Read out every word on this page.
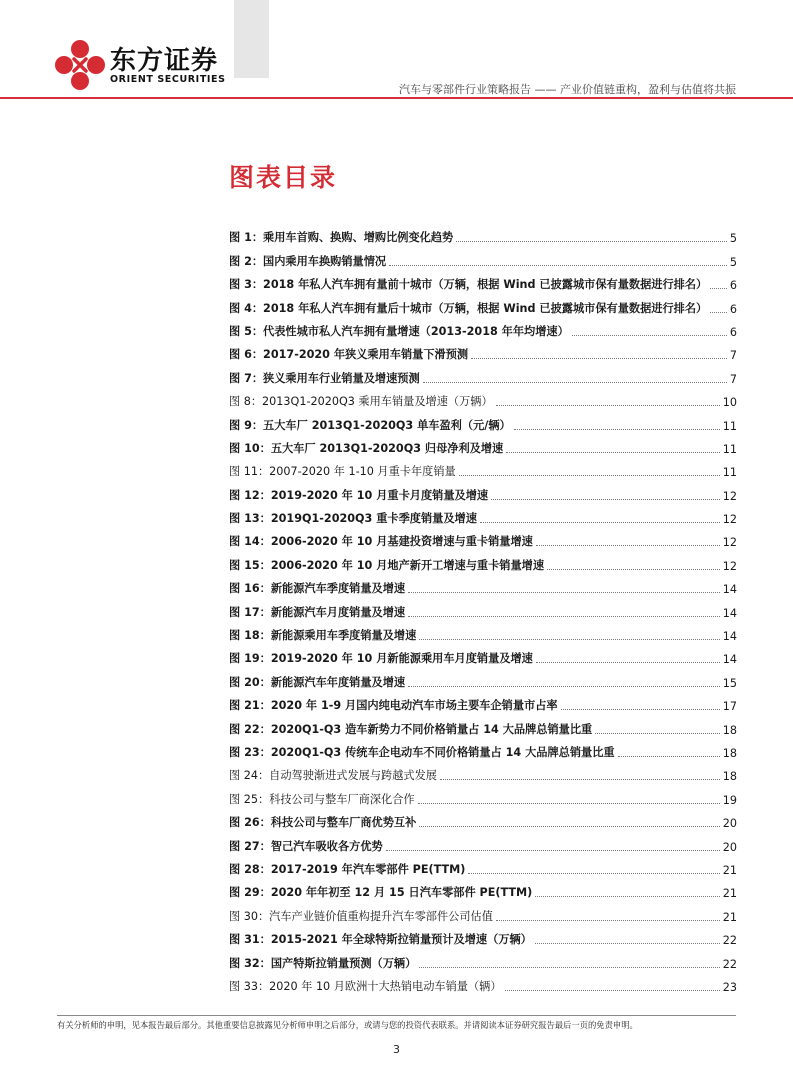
东方证券
ORIENT SECURITIES
汽车与零部件行业策略报告 —— 产业价值链重构，盈利与估值将共振
图表目录
图 1：乘用车首购、换购、增购比例变化趋势	5
图 2：国内乘用车换购销量情况	5
图 3：2018 年私人汽车拥有量前十城市（万辆，根据 Wind 已披露城市保有量数据进行排名） 6
图 4：2018 年私人汽车拥有量后十城市（万辆，根据 Wind 已披露城市保有量数据进行排名） 6
图 5：代表性城市私人汽车拥有量增速（2013-2018 年年均增速）	6
图 6：2017-2020 年狭义乘用车销量下滑预测	7
图 7：狭义乘用车行业销量及增速预测	7
图 8：2013Q1-2020Q3 乘用车销量及增速（万辆）	10
图 9：五大车厂 2013Q1-2020Q3 单车盈利（元/辆）	11
图 10：五大车厂 2013Q1-2020Q3 归母净利及增速	11
图 11：2007-2020 年 1-10 月重卡年度销量	11
图 12：2019-2020 年 10 月重卡月度销量及增速	12
图 13：2019Q1-2020Q3 重卡季度销量及增速	12
图 14：2006-2020 年 10 月基建投资增速与重卡销量增速	12
图 15：2006-2020 年 10 月地产新开工增速与重卡销量增速	12
图 16：新能源汽车季度销量及增速	14
图 17：新能源汽车月度销量及增速	14
图 18：新能源乘用车季度销量及增速	14
图 19：2019-2020 年 10 月新能源乘用车月度销量及增速	14
图 20：新能源汽车年度销量及增速	15
图 21：2020 年 1-9 月国内纯电动汽车市场主要车企销量市占率	17
图 22：2020Q1-Q3 造车新势力不同价格销量占 14 大品牌总销量比重	18
图 23：2020Q1-Q3 传统车企电动车不同价格销量占 14 大品牌总销量比重	18
图 24：自动驾驶渐进式发展与跨越式发展	18
图 25：科技公司与整车厂商深化合作	19
图 26：科技公司与整车厂商优势互补	20
图 27：智己汽车吸收各方优势	20
图 28：2017-2019 年汽车零部件 PE(TTM)	21
图 29：2020 年年初至 12 月 15 日汽车零部件 PE(TTM)	21
图 30：汽车产业链价值重构提升汽车零部件公司估值	21
图 31：2015-2021 年全球特斯拉销量预计及增速（万辆）	22
图 32：国产特斯拉销量预测（万辆）	22
图 33：2020 年 10 月欧洲十大热销电动车销量（辆）	23
有关分析师的申明，见本报告最后部分。其他重要信息披露见分析师申明之后部分，或请与您的投资代表联系。并请阅读本证券研究报告最后一页的免责申明。
3
